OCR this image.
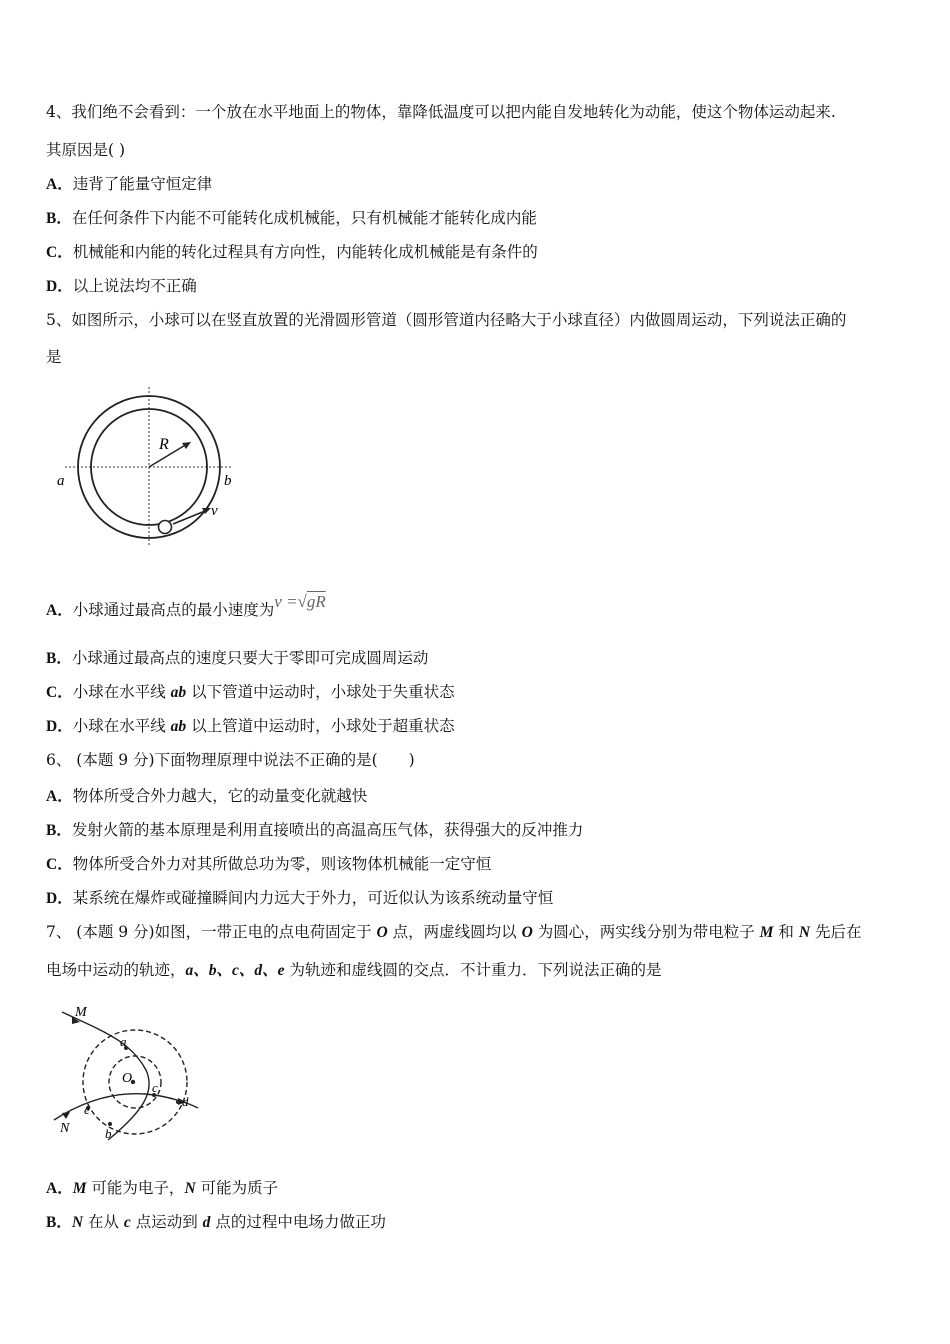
4、我们绝不会看到：一个放在水平地面上的物体，靠降低温度可以把内能自发地转化为动能，使这个物体运动起来.
其原因是( )
A．违背了能量守恒定律
B．在任何条件下内能不可能转化成机械能，只有机械能才能转化成内能
C．机械能和内能的转化过程具有方向性，内能转化成机械能是有条件的
D．以上说法均不正确
5、如图所示，小球可以在竖直放置的光滑圆形管道（圆形管道内径略大于小球直径）内做圆周运动，下列说法正确的
是
R
a	b
v
A．小球通过最高点的最小速度为v =√gR
B．小球通过最高点的速度只要大于零即可完成圆周运动
C．小球在水平线 ab 以下管道中运动时，小球处于失重状态
D．小球在水平线 ab 以上管道中运动时，小球处于超重状态
6、 (本题 9 分)下面物理原理中说法不正确的是(　　)
A．物体所受合外力越大，它的动量变化就越快
B．发射火箭的基本原理是利用直接喷出的高温高压气体，获得强大的反冲推力
C．物体所受合外力对其所做总功为零，则该物体机械能一定守恒
D．某系统在爆炸或碰撞瞬间内力远大于外力，可近似认为该系统动量守恒
7、 (本题 9 分)如图，一带正电的点电荷固定于 O 点，两虚线圆均以 O 为圆心，两实线分别为带电粒子 M 和 N 先后在
电场中运动的轨迹，a、b、c、d、e 为轨迹和虚线圆的交点．不计重力．下列说法正确的是
M
N
a
O
b
c
d
e
A．M 可能为电子，N 可能为质子
B．N 在从 c 点运动到 d 点的过程中电场力做正功
